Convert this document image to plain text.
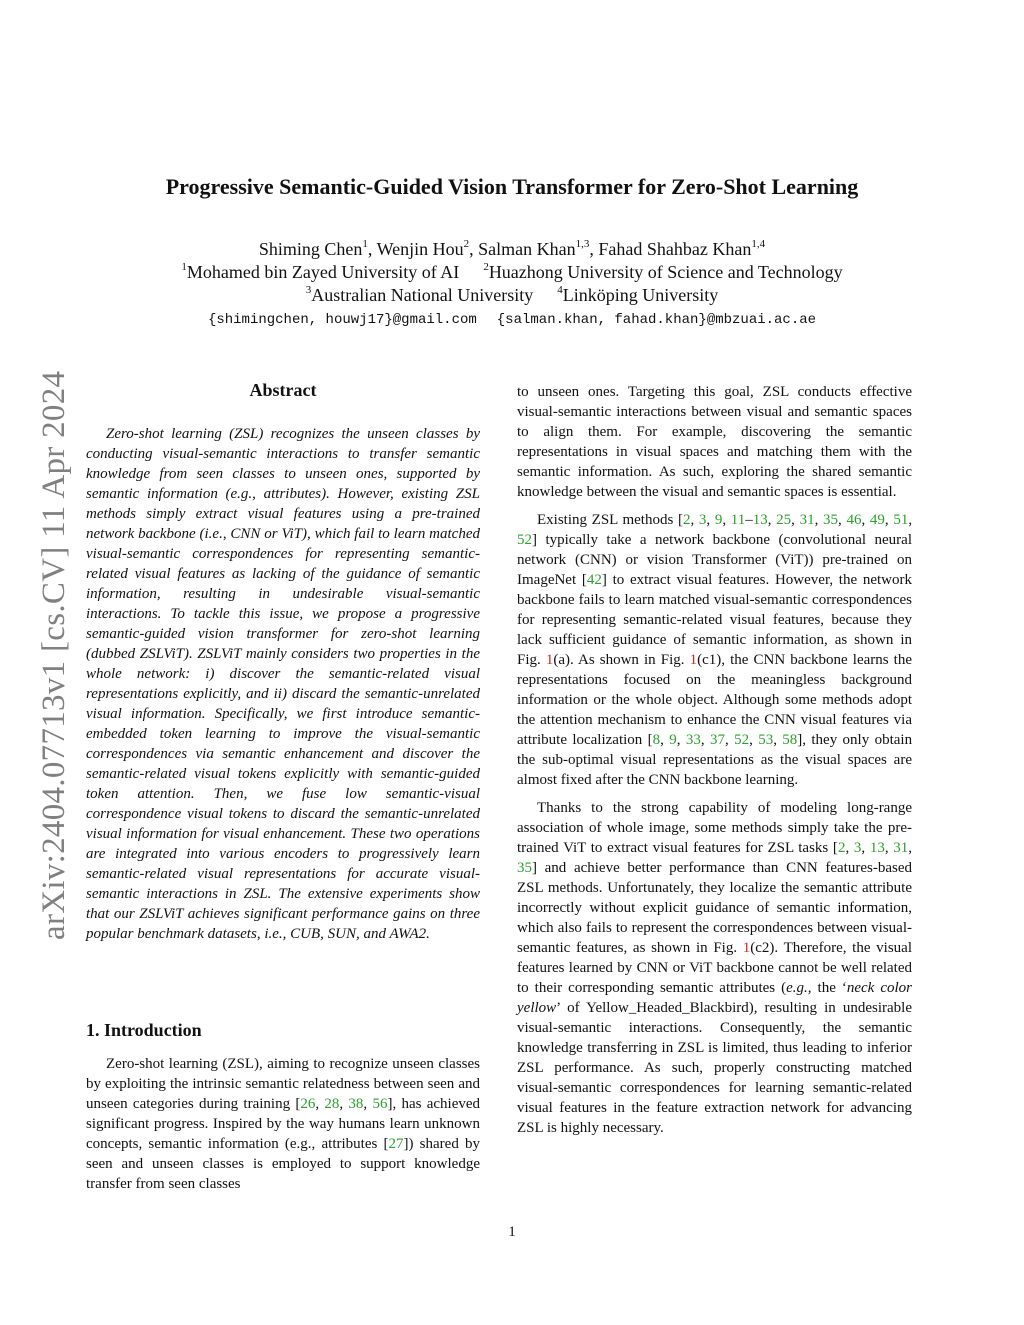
arXiv:2404.07713v1 [cs.CV] 11 Apr 2024
Progressive Semantic-Guided Vision Transformer for Zero-Shot Learning
Shiming Chen$^1$, Wenjin Hou$^2$, Salman Khan$^{1,3}$, Fahad Shahbaz Khan$^{1,4}$
$^1$Mohamed bin Zayed University of AI $^2$Huazhong University of Science and Technology
$^3$Australian National University $^4$Linköping University
{shimingchen, houwj17}@gmail.com {salman.khan, fahad.khan}@mbzuai.ac.ae
Abstract

Zero-shot learning (ZSL) recognizes the unseen classes by conducting visual-semantic interactions to transfer semantic knowledge from seen classes to unseen ones, supported by semantic information (e.g., attributes). However, existing ZSL methods simply extract visual features using a pre-trained network backbone (i.e., CNN or ViT), which fail to learn matched visual-semantic correspondences for representing semantic-related visual features as lacking of the guidance of semantic information, resulting in undesirable visual-semantic interactions. To tackle this issue, we propose a progressive semantic-guided vision transformer for zero-shot learning (dubbed ZSLViT). ZSLViT mainly considers two properties in the whole network: i) discover the semantic-related visual representations explicitly, and ii) discard the semantic-unrelated visual information. Specifically, we first introduce semantic-embedded token learning to improve the visual-semantic correspondences via semantic enhancement and discover the semantic-related visual tokens explicitly with semantic-guided token attention. Then, we fuse low semantic-visual correspondence visual tokens to discard the semantic-unrelated visual information for visual enhancement. These two operations are integrated into various encoders to progressively learn semantic-related visual representations for accurate visual-semantic interactions in ZSL. The extensive experiments show that our ZSLViT achieves significant performance gains on three popular benchmark datasets, i.e., CUB, SUN, and AWA2.

1. Introduction

Zero-shot learning (ZSL), aiming to recognize unseen classes by exploiting the intrinsic semantic relatedness between seen and unseen categories during training [26, 28, 38, 56], has achieved significant progress. Inspired by the way humans learn unknown concepts, semantic information (e.g., attributes [27]) shared by seen and unseen classes is employed to support knowledge transfer from seen classes

to unseen ones. Targeting this goal, ZSL conducts effective visual-semantic interactions between visual and semantic spaces to align them. For example, discovering the semantic representations in visual spaces and matching them with the semantic information. As such, exploring the shared semantic knowledge between the visual and semantic spaces is essential.

Existing ZSL methods [2, 3, 9, 11–13, 25, 31, 35, 46, 49, 51, 52] typically take a network backbone (convolutional neural network (CNN) or vision Transformer (ViT)) pre-trained on ImageNet [42] to extract visual features. However, the network backbone fails to learn matched visual-semantic correspondences for representing semantic-related visual features, because they lack sufficient guidance of semantic information, as shown in Fig. 1(a). As shown in Fig. 1(c1), the CNN backbone learns the representations focused on the meaningless background information or the whole object. Although some methods adopt the attention mechanism to enhance the CNN visual features via attribute localization [8, 9, 33, 37, 52, 53, 58], they only obtain the sub-optimal visual representations as the visual spaces are almost fixed after the CNN backbone learning.

Thanks to the strong capability of modeling long-range association of whole image, some methods simply take the pre-trained ViT to extract visual features for ZSL tasks [2, 3, 13, 31, 35] and achieve better performance than CNN features-based ZSL methods. Unfortunately, they localize the semantic attribute incorrectly without explicit guidance of semantic information, which also fails to represent the correspondences between visual-semantic features, as shown in Fig. 1(c2). Therefore, the visual features learned by CNN or ViT backbone cannot be well related to their corresponding semantic attributes (e.g., the ‘neck color yellow’ of Yellow_Headed_Blackbird), resulting in undesirable visual-semantic interactions. Consequently, the semantic knowledge transferring in ZSL is limited, thus leading to inferior ZSL performance. As such, properly constructing matched visual-semantic correspondences for learning semantic-related visual features in the feature extraction network for advancing ZSL is highly necessary.

1
